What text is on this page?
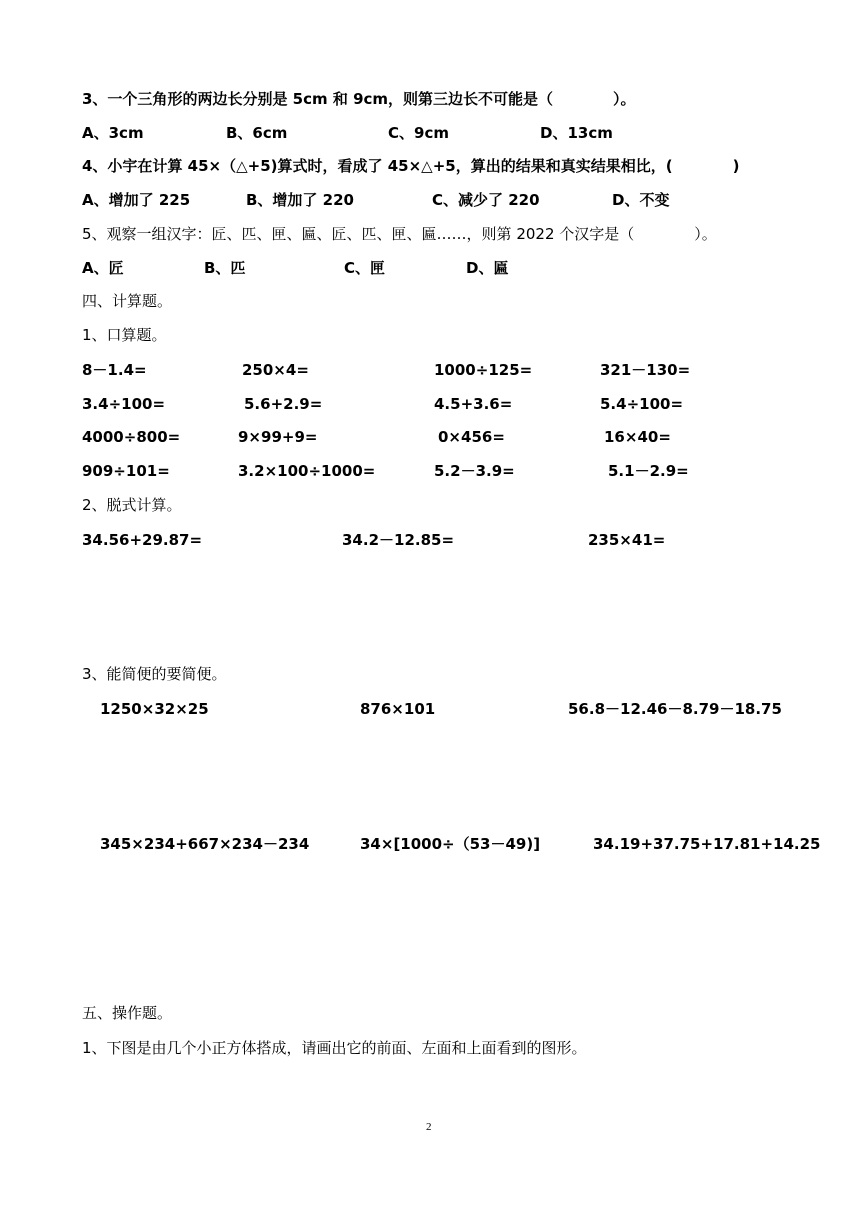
3、一个三角形的两边长分别是 5cm 和 9cm，则第三边长不可能是（　　　　）。
A、3cm	B、6cm	C、9cm	D、13cm
4、小宇在计算 45×（△+5)算式时，看成了 45×△+5，算出的结果和真实结果相比，(　　　　)
A、增加了 225	B、增加了 220	C、减少了 220	D、不变
5、观察一组汉字：匠、匹、匣、匾、匠、匹、匣、匾……，则第 2022 个汉字是（　　　　）。
A、匠	B、匹	C、匣	D、匾
四、计算题。
1、口算题。
8－1.4=	250×4=	1000÷125=	321－130=
3.4÷100=	5.6+2.9=	4.5+3.6=	5.4÷100=
4000÷800=	9×99+9=	0×456=	16×40=
909÷101=	3.2×100÷1000=	5.2－3.9=	5.1－2.9=
2、脱式计算。
34.56+29.87=	34.2－12.85=	235×41=
3、能简便的要简便。
1250×32×25	876×101	56.8－12.46－8.79－18.75
345×234+667×234－234	34×[1000÷（53－49)]	34.19+37.75+17.81+14.25
五、操作题。
1、下图是由几个小正方体搭成，请画出它的前面、左面和上面看到的图形。
2
